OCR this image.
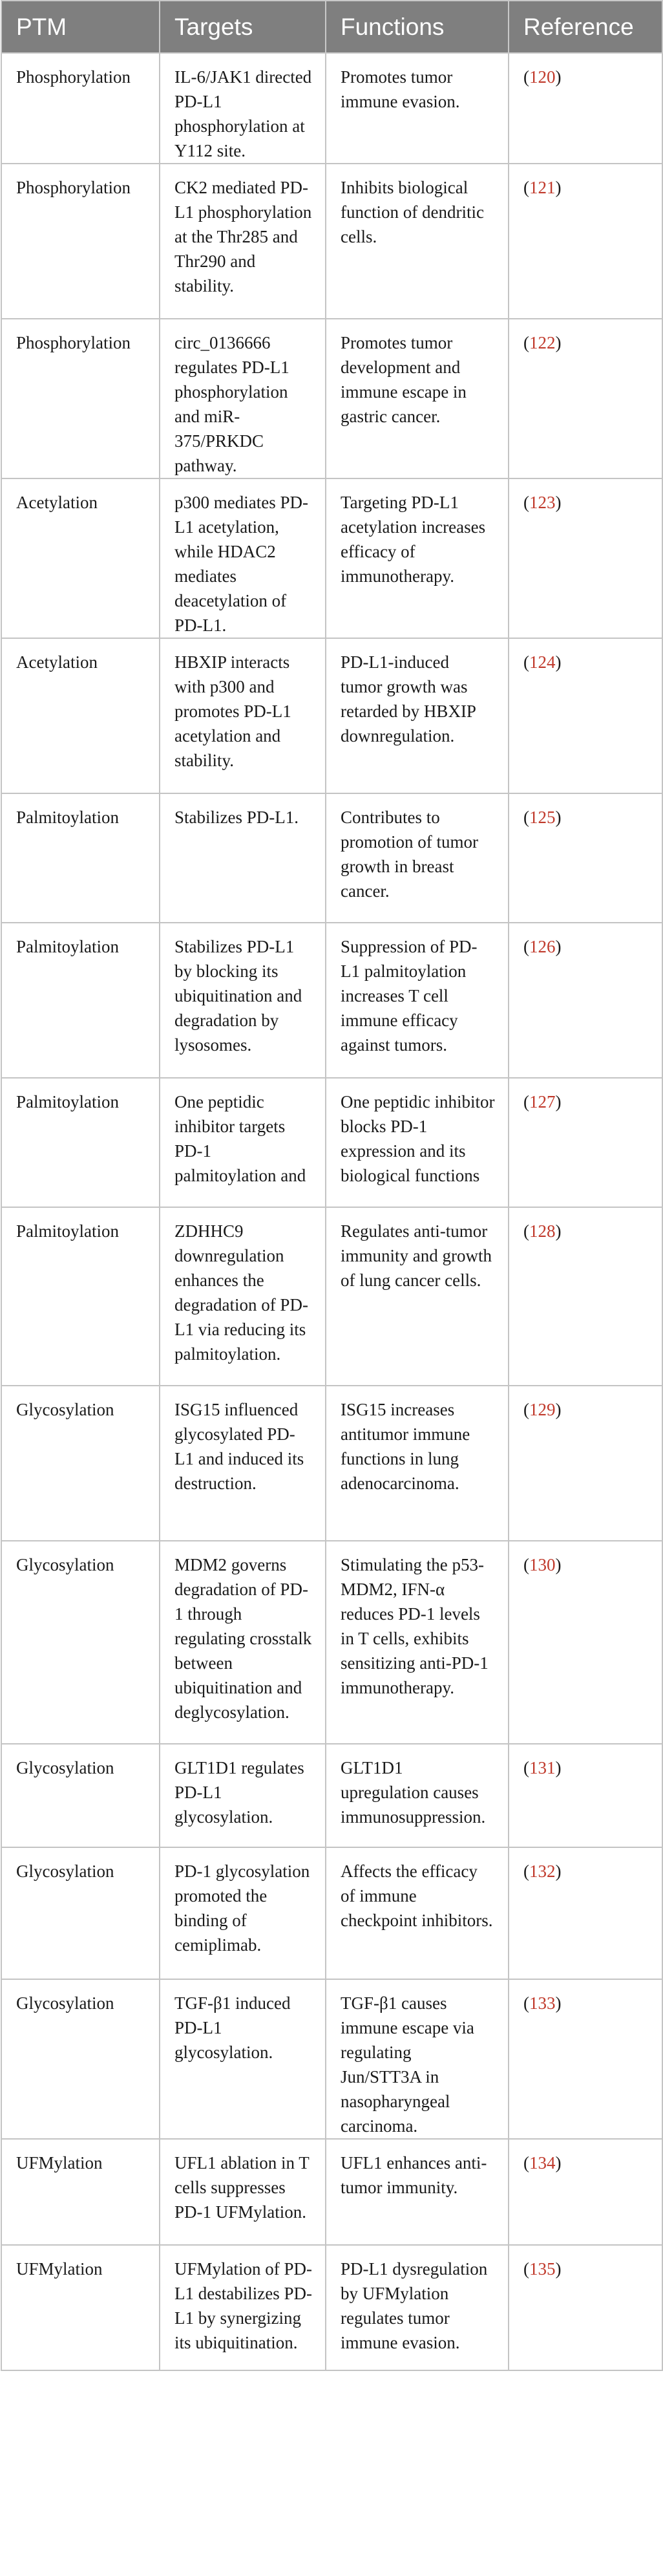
PTM	Targets	Functions	Reference
Phosphorylation	IL-6/JAK1 directed PD-L1 phosphorylation at Y112 site.	Promotes tumor immune evasion.	(120)
Phosphorylation	CK2 mediated PD-L1 phosphorylation at the Thr285 and Thr290 and stability.	Inhibits biological function of dendritic cells.	(121)
Phosphorylation	circ_0136666 regulates PD-L1 phosphorylation and miR-375/PRKDC pathway.	Promotes tumor development and immune escape in gastric cancer.	(122)
Acetylation	p300 mediates PD-L1 acetylation, while HDAC2 mediates deacetylation of PD-L1.	Targeting PD-L1 acetylation increases efficacy of immunotherapy.	(123)
Acetylation	HBXIP interacts with p300 and promotes PD-L1 acetylation and stability.	PD-L1-induced tumor growth was retarded by HBXIP downregulation.	(124)
Palmitoylation	Stabilizes PD-L1.	Contributes to promotion of tumor growth in breast cancer.	(125)
Palmitoylation	Stabilizes PD-L1 by blocking its ubiquitination and degradation by lysosomes.	Suppression of PD-L1 palmitoylation increases T cell immune efficacy against tumors.	(126)
Palmitoylation	One peptidic inhibitor targets PD-1 palmitoylation and	One peptidic inhibitor blocks PD-1 expression and its biological functions	(127)
Palmitoylation	ZDHHC9 downregulation enhances the degradation of PD-L1 via reducing its palmitoylation.	Regulates anti-tumor immunity and growth of lung cancer cells.	(128)
Glycosylation	ISG15 influenced glycosylated PD-L1 and induced its destruction.	ISG15 increases antitumor immune functions in lung adenocarcinoma.	(129)
Glycosylation	MDM2 governs degradation of PD-1 through regulating crosstalk between ubiquitination and deglycosylation.	Stimulating the p53-MDM2, IFN-α reduces PD-1 levels in T cells, exhibits sensitizing anti-PD-1 immunotherapy.	(130)
Glycosylation	GLT1D1 regulates PD-L1 glycosylation.	GLT1D1 upregulation causes immunosuppression.	(131)
Glycosylation	PD-1 glycosylation promoted the binding of cemiplimab.	Affects the efficacy of immune checkpoint inhibitors.	(132)
Glycosylation	TGF-β1 induced PD-L1 glycosylation.	TGF-β1 causes immune escape via regulating Jun/STT3A in nasopharyngeal carcinoma.	(133)
UFMylation	UFL1 ablation in T cells suppresses PD-1 UFMylation.	UFL1 enhances anti-tumor immunity.	(134)
UFMylation	UFMylation of PD-L1 destabilizes PD-L1 by synergizing its ubiquitination.	PD-L1 dysregulation by UFMylation regulates tumor immune evasion.	(135)
